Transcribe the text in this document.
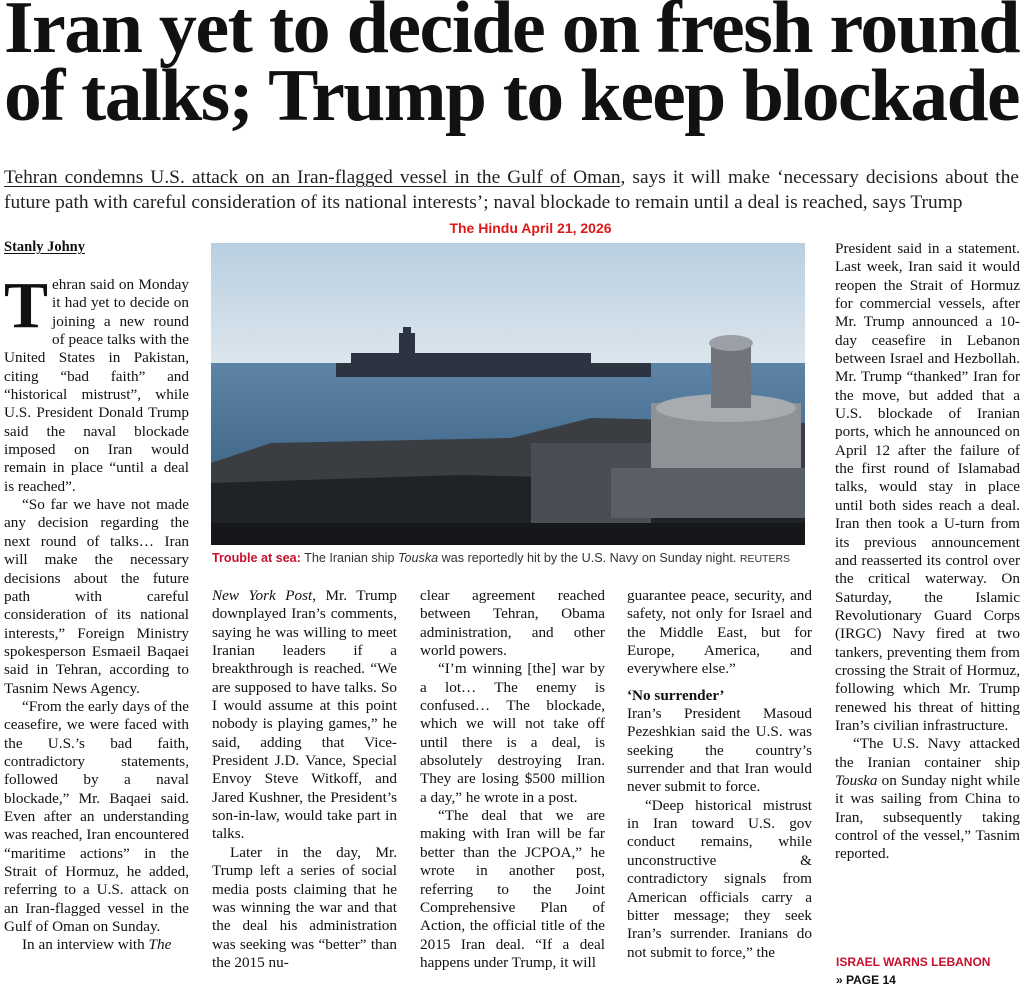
Iran yet to decide on fresh round
of talks; Trump to keep blockade
Tehran condemns U.S. attack on an Iran-flagged vessel in the Gulf of Oman, says it will make ‘necessary decisions about the future path with careful consideration of its national interests’; naval blockade to remain until a deal is reached, says Trump
The Hindu April 21, 2026
Stanly Johny
Trouble at sea: The Iranian ship Touska was reportedly hit by the U.S. Navy on Sunday night. REUTERS

Tehran said on Monday it had yet to decide on joining a new round of peace talks with the United States in Pakistan, citing “bad faith” and “historical mistrust”, while U.S. President Donald Trump said the naval blockade imposed on Iran would remain in place “until a deal is reached”.

“So far we have not made any decision regarding the next round of talks… Iran will make the necessary decisions about the future path with careful consideration of its national interests,” Foreign Ministry spokesperson Esmaeil Baqaei said in Tehran, according to Tasnim News Agency.

“From the early days of the ceasefire, we were faced with the U.S.’s bad faith, contradictory statements, followed by a naval blockade,” Mr. Baqaei said. Even after an understanding was reached, Iran encountered “maritime actions” in the Strait of Hormuz, he added, referring to a U.S. attack on an Iran-flagged vessel in the Gulf of Oman on Sunday.

In an interview with The

New York Post, Mr. Trump downplayed Iran’s comments, saying he was willing to meet Iranian leaders if a breakthrough is reached. “We are supposed to have talks. So I would assume at this point nobody is playing games,” he said, adding that Vice-President J.D. Vance, Special Envoy Steve Witkoff, and Jared Kushner, the President’s son-in-law, would take part in talks.

Later in the day, Mr. Trump left a series of social media posts claiming that he was winning the war and that the deal his administration was seeking was “better” than the 2015 nu-

clear agreement reached between Tehran, Obama administration, and other world powers.

“I’m winning [the] war by a lot… The enemy is confused… The blockade, which we will not take off until there is a deal, is absolutely destroying Iran. They are losing $500 million a day,” he wrote in a post.

“The deal that we are making with Iran will be far better than the JCPOA,” he wrote in another post, referring to the Joint Comprehensive Plan of Action, the official title of the 2015 Iran deal. “If a deal happens under Trump, it will

guarantee peace, security, and safety, not only for Israel and the Middle East, but for Europe, America, and everywhere else.”

‘No surrender’

Iran’s President Masoud Pezeshkian said the U.S. was seeking the country’s surrender and that Iran would never submit to force.

“Deep historical mistrust in Iran toward U.S. gov conduct remains, while unconstructive & contradictory signals from American officials carry a bitter message; they seek Iran’s surrender. Iranians do not submit to force,” the

President said in a statement. Last week, Iran said it would reopen the Strait of Hormuz for commercial vessels, after Mr. Trump announced a 10-day ceasefire in Lebanon between Israel and Hezbollah. Mr. Trump “thanked” Iran for the move, but added that a U.S. blockade of Iranian ports, which he announced on April 12 after the failure of the first round of Islamabad talks, would stay in place until both sides reach a deal. Iran then took a U-turn from its previous announcement and reasserted its control over the critical waterway. On Saturday, the Islamic Revolutionary Guard Corps (IRGC) Navy fired at two tankers, preventing them from crossing the Strait of Hormuz, following which Mr. Trump renewed his threat of hitting Iran’s civilian infrastructure.

“The U.S. Navy attacked the Iranian container ship Touska on Sunday night while it was sailing from China to Iran, subsequently taking control of the vessel,” Tasnim reported.

ISRAEL WARNS LEBANON
» PAGE 14
